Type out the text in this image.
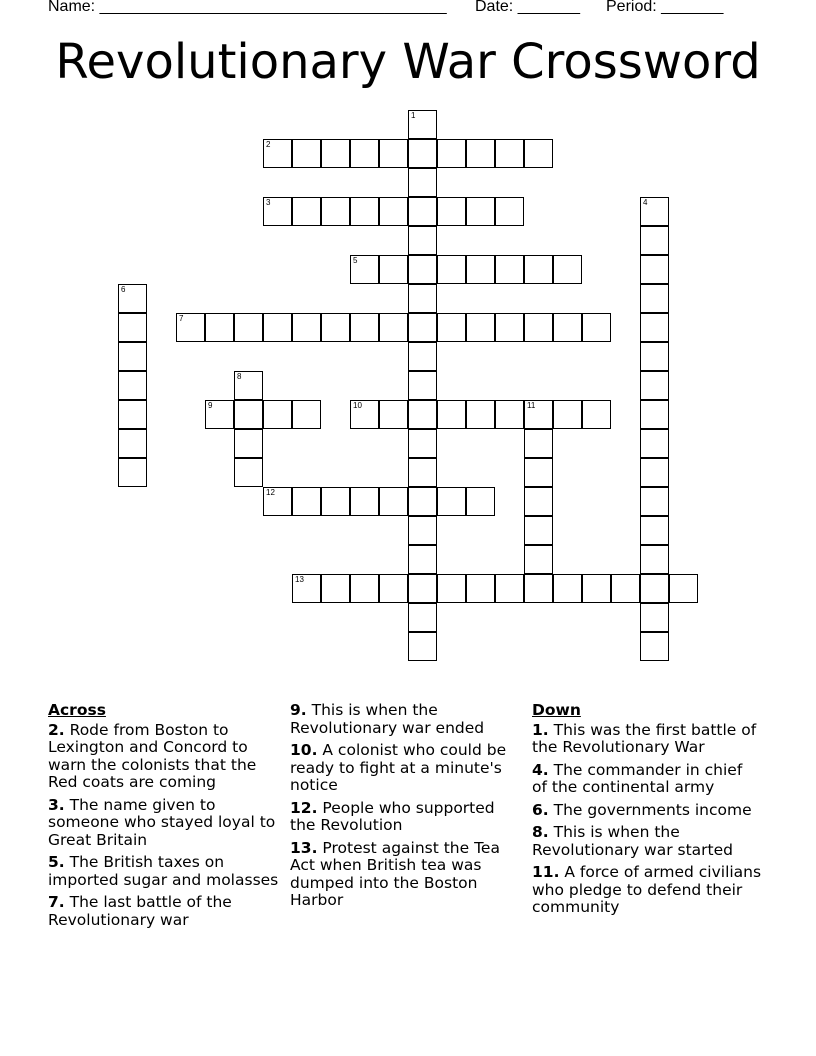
Name: _______________________________________ Date: _______ Period: _______
Revolutionary War Crossword
1
2
3	4
5
6
7
8
9	10	11
12
13
Across
2. Rode from Boston to Lexington and Concord to warn the colonists that the Red coats are coming
3. The name given to someone who stayed loyal to Great Britain
5. The British taxes on imported sugar and molasses
7. The last battle of the Revolutionary war
9. This is when the Revolutionary war ended
10. A colonist who could be ready to fight at a minute's notice
12. People who supported the Revolution
13. Protest against the Tea Act when British tea was dumped into the Boston Harbor
Down
1. This was the first battle of the Revolutionary War
4. The commander in chief of the continental army
6. The governments income
8. This is when the Revolutionary war started
11. A force of armed civilians who pledge to defend their community
